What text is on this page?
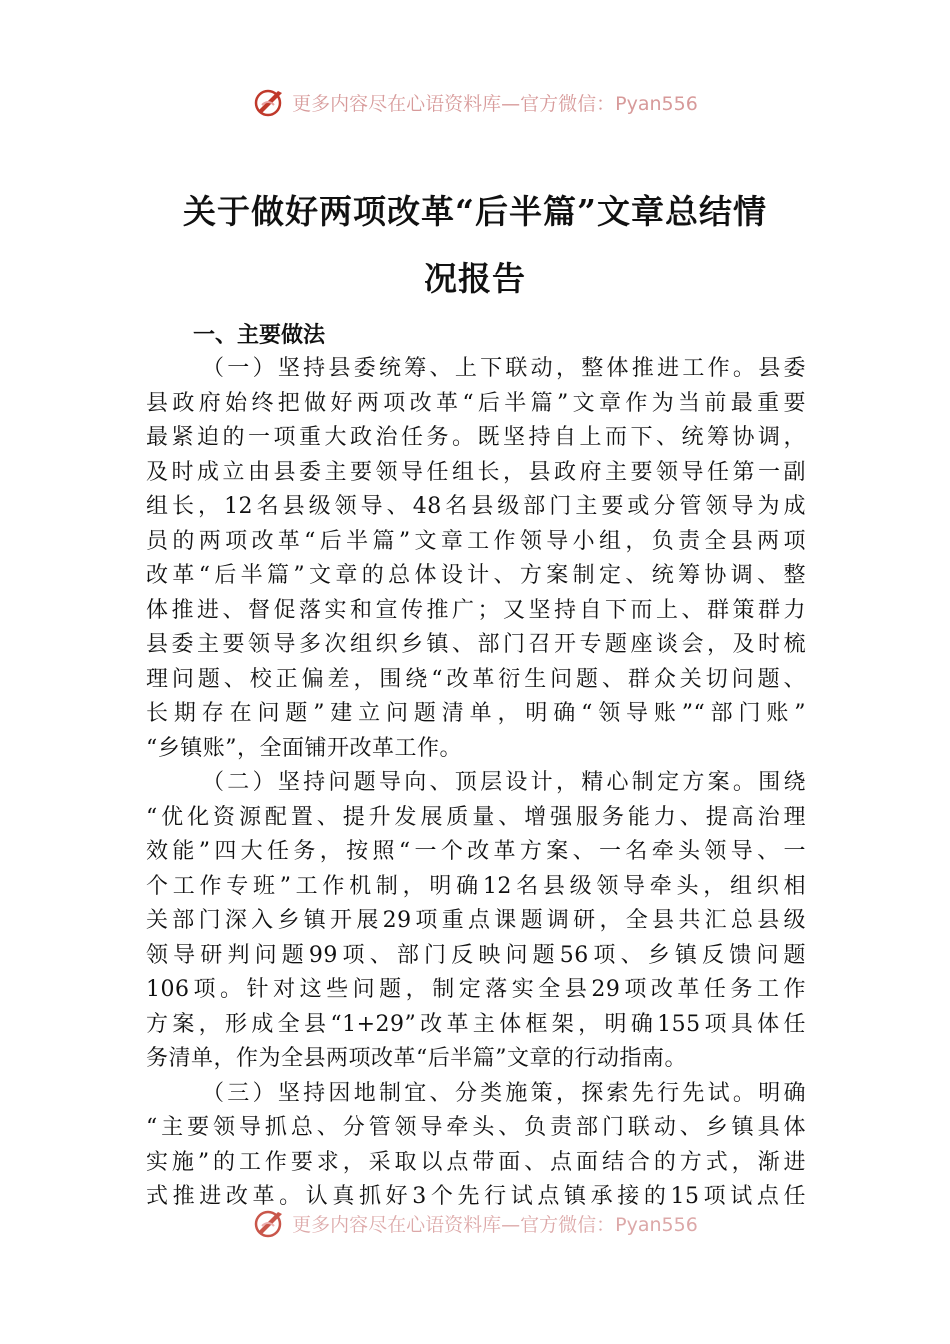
更多内容尽在心语资料库—官方微信：Pyan556
关于做好两项改革“后半篇”文章总结情
况报告
一、主要做法
（一）坚持县委统筹、上下联动，整体推进工作。县委
县政府始终把做好两项改革“后半篇”文章作为当前最重要
最紧迫的一项重大政治任务。既坚持自上而下、统筹协调，
及时成立由县委主要领导任组长，县政府主要领导任第一副
组长，12名县级领导、48名县级部门主要或分管领导为成
员的两项改革“后半篇”文章工作领导小组，负责全县两项
改革“后半篇”文章的总体设计、方案制定、统筹协调、整
体推进、督促落实和宣传推广；又坚持自下而上、群策群力
县委主要领导多次组织乡镇、部门召开专题座谈会，及时梳
理问题、校正偏差，围绕“改革衍生问题、群众关切问题、
长期存在问题”建立问题清单，明确“领导账”“部门账”
“乡镇账”，全面铺开改革工作。
（二）坚持问题导向、顶层设计，精心制定方案。围绕
“优化资源配置、提升发展质量、增强服务能力、提高治理
效能”四大任务，按照“一个改革方案、一名牵头领导、一
个工作专班”工作机制，明确12名县级领导牵头，组织相
关部门深入乡镇开展29项重点课题调研，全县共汇总县级
领导研判问题99项、部门反映问题56项、乡镇反馈问题
106项。针对这些问题，制定落实全县29项改革任务工作
方案，形成全县“1+29”改革主体框架，明确155项具体任
务清单，作为全县两项改革“后半篇”文章的行动指南。
（三）坚持因地制宜、分类施策，探索先行先试。明确
“主要领导抓总、分管领导牵头、负责部门联动、乡镇具体
实施”的工作要求，采取以点带面、点面结合的方式，渐进
式推进改革。认真抓好3个先行试点镇承接的15项试点任
更多内容尽在心语资料库—官方微信：Pyan556
